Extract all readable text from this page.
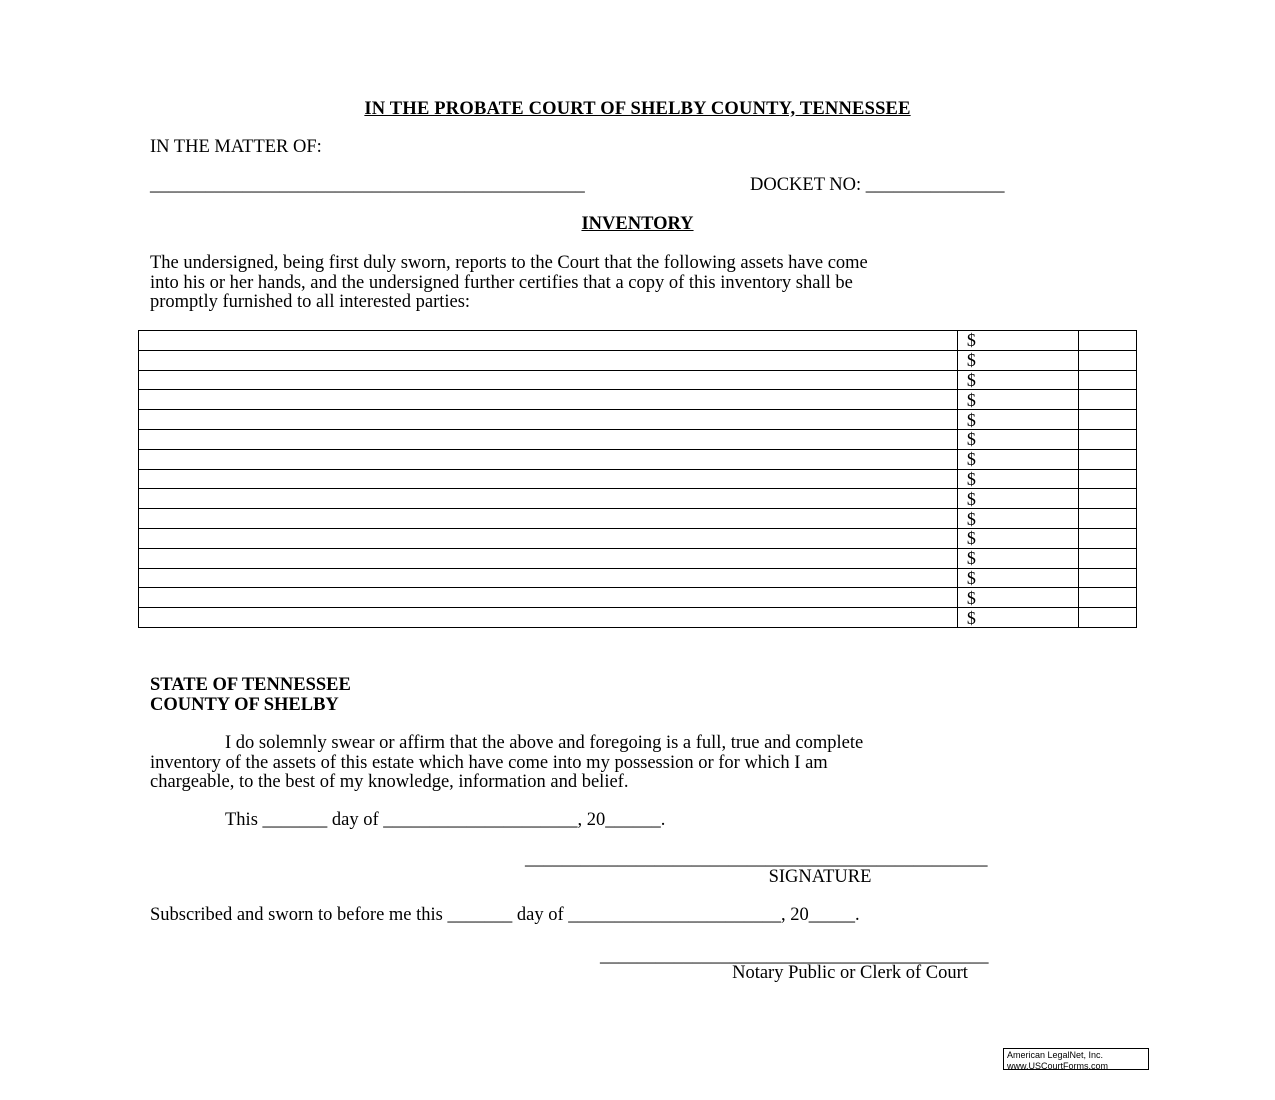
IN THE PROBATE COURT OF SHELBY COUNTY, TENNESSEE
IN THE MATTER OF:
_______________________________________________	DOCKET NO: _______________
INVENTORY
The undersigned, being first duly sworn, reports to the Court that the following assets have come
into his or her hands, and the undersigned further certifies that a copy of this inventory shall be
promptly furnished to all interested parties:
	$	
	$	
	$	
	$	
	$	
	$	
	$	
	$	
	$	
	$	
	$	
	$	
	$	
	$	
	$	
STATE OF TENNESSEE
COUNTY OF SHELBY
I do solemnly swear or affirm that the above and foregoing is a full, true and complete
inventory of the assets of this estate which have come into my possession or for which I am
chargeable, to the best of my knowledge, information and belief.
This _______ day of _____________________, 20______.
__________________________________________________
SIGNATURE
Subscribed and sworn to before me this _______ day of _______________________, 20_____.
__________________________________________
Notary Public or Clerk of Court
American LegalNet, Inc.
www.USCourtForms.com
